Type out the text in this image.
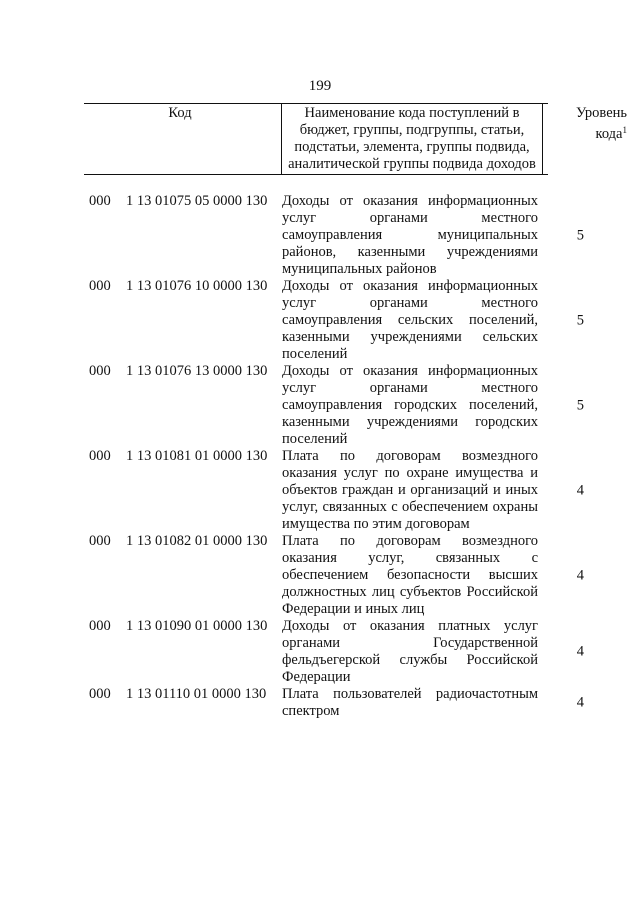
199
Код	Наименование кода поступлений в
бюджет, группы, подгруппы, статьи,
подстатьи, элемента, группы подвида,
аналитической группы подвида доходов
Уровень
кода$^1$
000 1 13 01075 05 0000 130	Доходы от оказания информационных
услуг органами местного
самоуправления муниципальных
районов, казенными учреждениями
муниципальных районов
5
000 1 13 01076 10 0000 130	Доходы от оказания информационных
услуг органами местного
самоуправления сельских поселений,
казенными учреждениями сельских
поселений
5
000 1 13 01076 13 0000 130	Доходы от оказания информационных
услуг органами местного
самоуправления городских поселений,
казенными учреждениями городских
поселений
5
000 1 13 01081 01 0000 130	Плата по договорам возмездного
оказания услуг по охране имущества и
объектов граждан и организаций и иных
услуг, связанных с обеспечением охраны
имущества по этим договорам
4
000 1 13 01082 01 0000 130	Плата по договорам возмездного
оказания услуг, связанных с
обеспечением безопасности высших
должностных лиц субъектов Российской
Федерации и иных лиц
4
000 1 13 01090 01 0000 130	Доходы от оказания платных услуг
органами Государственной
фельдъегерской службы Российской
Федерации
4
000 1 13 01110 01 0000 130	Плата пользователей радиочастотным
спектром
4
